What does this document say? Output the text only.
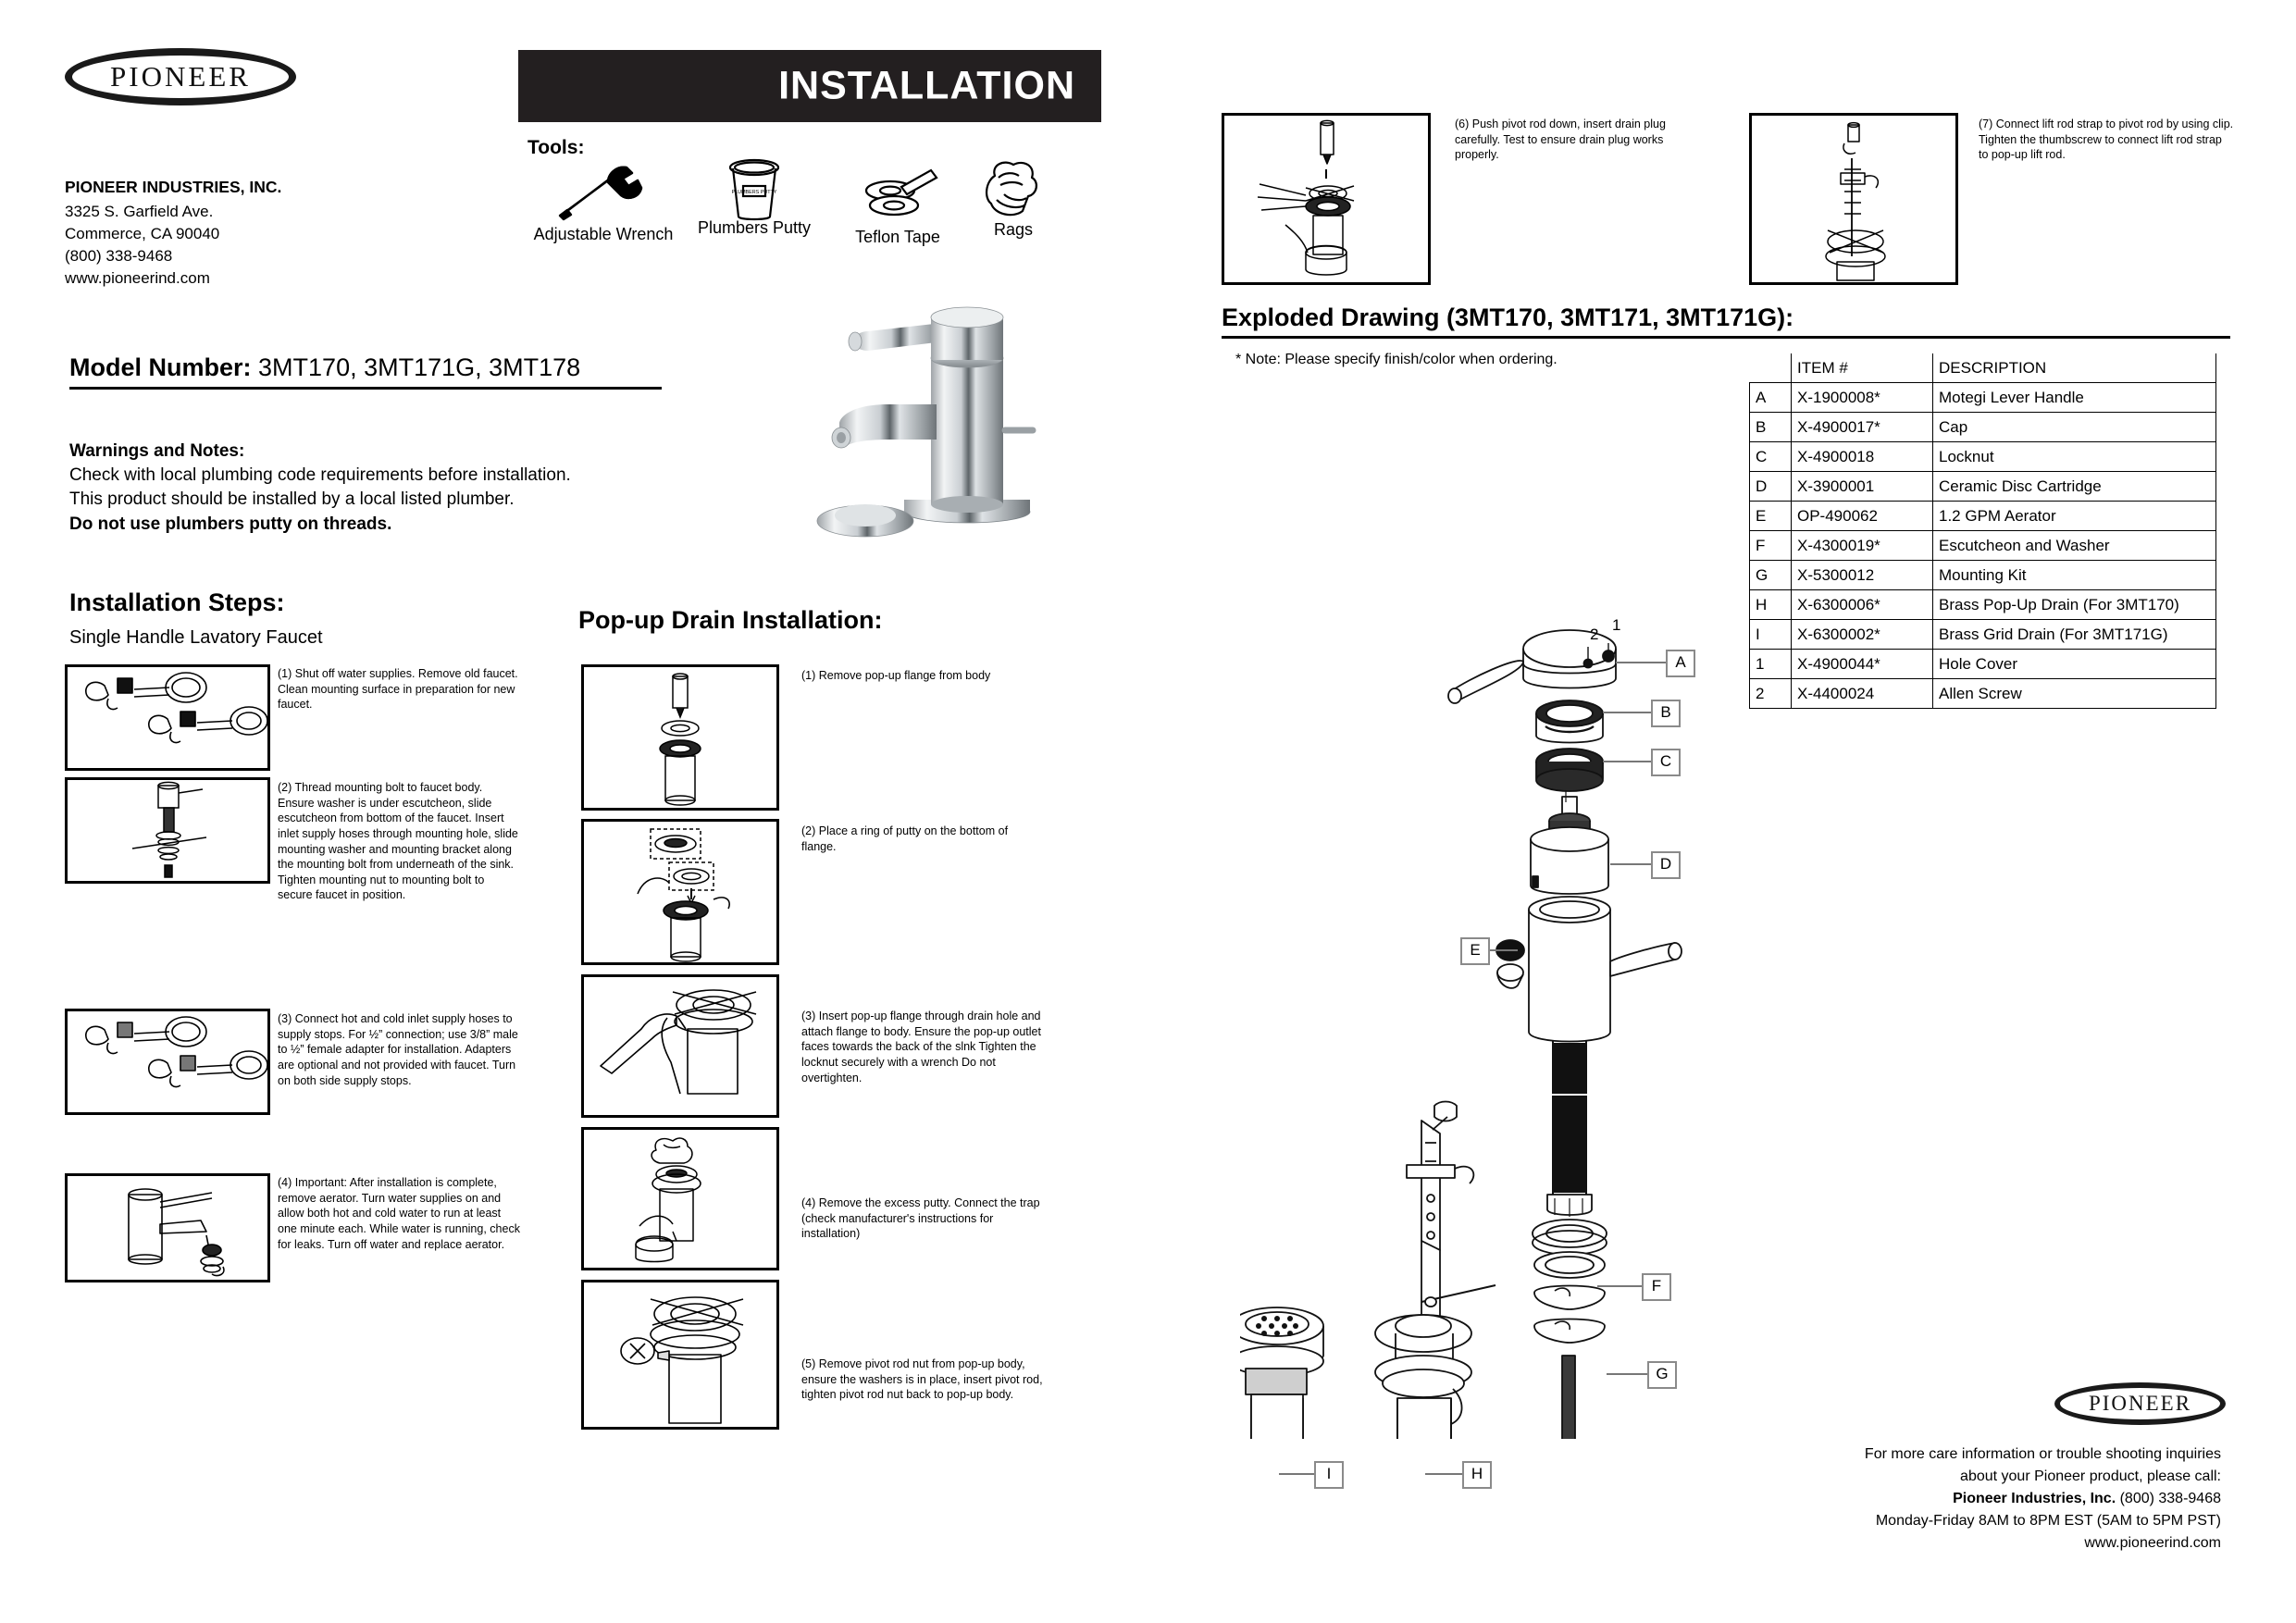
PIONEER
PIONEER INDUSTRIES, INC.
3325 S. Garfield Ave.
Commerce, CA 90040
(800) 338-9468
www.pioneerind.com
Model Number: 3MT170, 3MT171G, 3MT178
Warnings and Notes:
Check with local plumbing code requirements before installation.
This product should be installed by a local listed plumber.
Do not use plumbers putty on threads.
INSTALLATION
Tools:
Adjustable Wrench
PLUMBERS PUTTY
Plumbers Putty	Teflon Tape	Rags
Installation Steps:
Single Handle Lavatory Faucet
Pop-up Drain Installation:
(1) Shut off water supplies. Remove old faucet. Clean mounting surface in preparation for new faucet.
(2) Thread mounting bolt to faucet body. Ensure washer is under escutcheon, slide escutcheon from bottom of the faucet. Insert inlet supply hoses through mounting hole, slide mounting washer and mounting bracket along the mounting bolt from underneath of the sink. Tighten mounting nut to mounting bolt to secure faucet in position.
(3) Connect hot and cold inlet supply hoses to supply stops. For ½” connection; use 3/8” male to ½” female adapter for installation. Adapters are optional and not provided with faucet. Turn on both side supply stops.
(4) Important: After installation is complete, remove aerator. Turn water supplies on and allow both hot and cold water to run at least one minute each. While water is running, check for leaks. Turn off water and replace aerator.
(1) Remove pop-up flange from body
(2) Place a ring of putty on the bottom of flange.
(3) Insert pop-up flange through drain hole and attach flange to body. Ensure the pop-up outlet faces towards the back of the slnk Tighten the locknut securely with a wrench Do not overtighten.
(4) Remove the excess putty. Connect the trap (check manufacturer's instructions for installation)
(5) Remove pivot rod nut from pop-up body, ensure the washers is in place, insert pivot rod, tighten pivot rod nut back to pop-up body.
(6) Push pivot rod down, insert drain plug carefully. Test to ensure drain plug works properly.
(7) Connect lift rod strap to pivot rod by using clip. Tighten the thumbscrew to connect lift rod strap to pop-up lift rod.
Exploded Drawing (3MT170, 3MT171, 3MT171G):
* Note: Please specify finish/color when ordering.
		ITEM #	DESCRIPTION
A	X-1900008*	Motegi Lever Handle
B	X-4900017*	Cap
C	X-4900018	Locknut
D	X-3900001	Ceramic Disc Cartridge
E	OP-490062	1.2 GPM Aerator
F	X-4300019*	Escutcheon and Washer
G	X-5300012	Mounting Kit
H	X-6300006*	Brass Pop-Up Drain (For 3MT170)
I	X-6300002*	Brass Grid Drain (For 3MT171G)
1	X-4900044*	Hole Cover
2	X-4400024	Allen Screw
A
B
C
D
E
F
G
H
I
1
2
PIONEER
For more care information or trouble shooting inquiries
about your Pioneer product, please call:
Pioneer Industries, Inc. (800) 338-9468
Monday-Friday 8AM to 8PM EST (5AM to 5PM PST)
www.pioneerind.com
